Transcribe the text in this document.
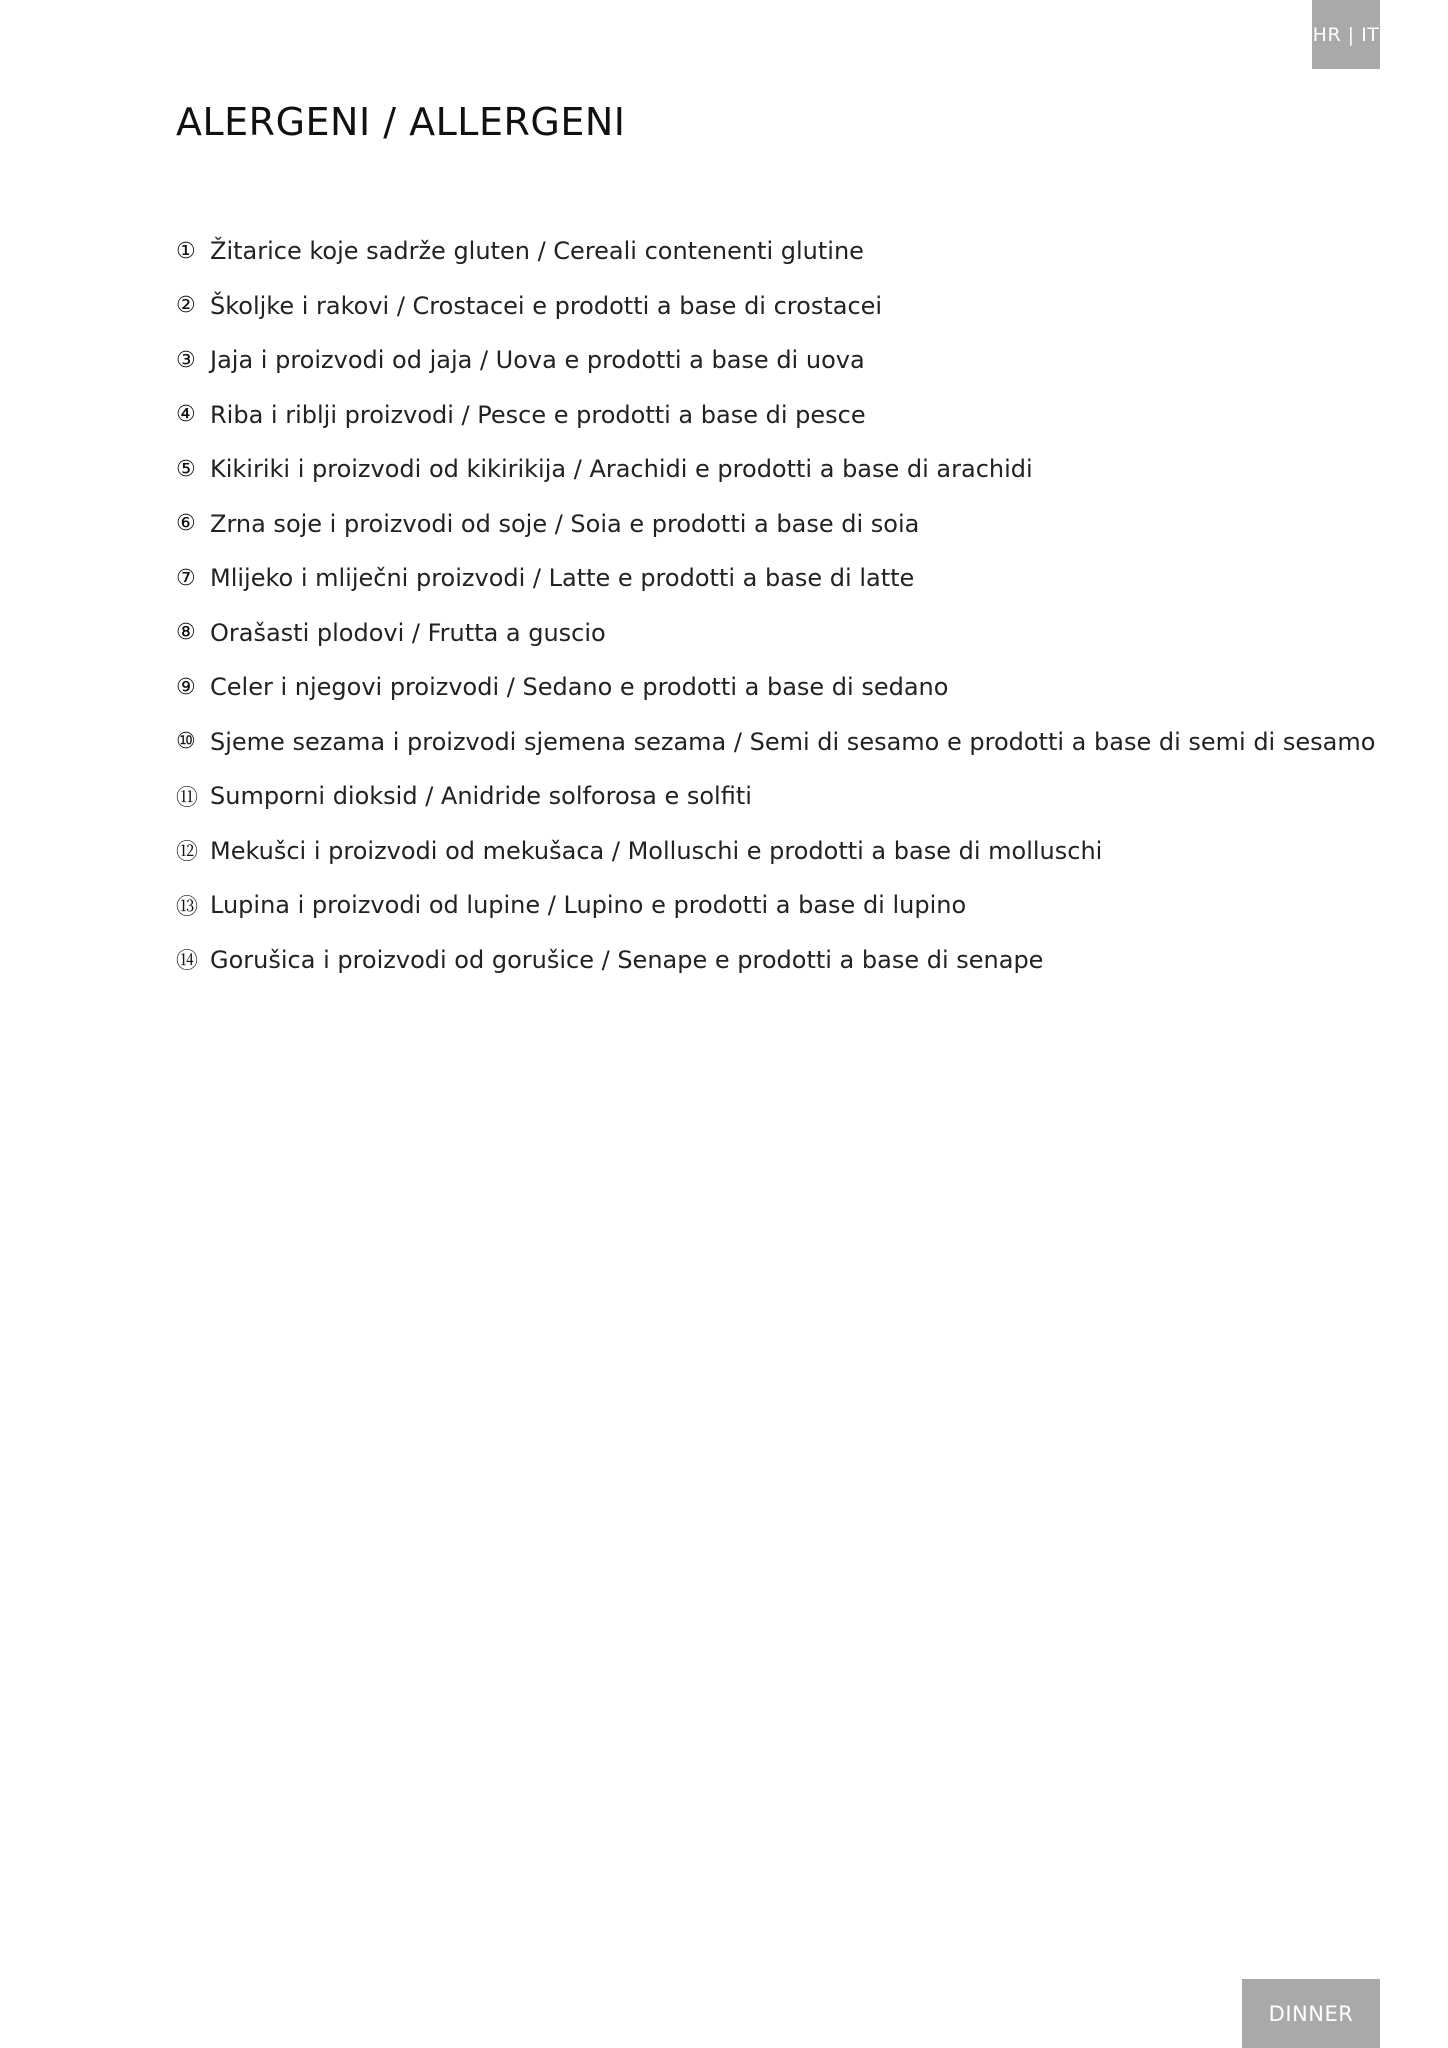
HR | IT
ALERGENI / ALLERGENI
① Žitarice koje sadrže gluten / Cereali contenenti glutine
② Školjke i rakovi / Crostacei e prodotti a base di crostacei
③ Jaja i proizvodi od jaja / Uova e prodotti a base di uova
④ Riba i riblji proizvodi / Pesce e prodotti a base di pesce
⑤ Kikiriki i proizvodi od kikirikija / Arachidi e prodotti a base di arachidi
⑥ Zrna soje i proizvodi od soje / Soia e prodotti a base di soia
⑦ Mlijeko i mliječni proizvodi / Latte e prodotti a base di latte
⑧ Orašasti plodovi / Frutta a guscio
⑨ Celer i njegovi proizvodi / Sedano e prodotti a base di sedano
⑩ Sjeme sezama i proizvodi sjemena sezama / Semi di sesamo e prodotti a base di semi di sesamo
⑪ Sumporni dioksid / Anidride solforosa e solfiti
⑫ Mekušci i proizvodi od mekušaca / Molluschi e prodotti a base di molluschi
⑬ Lupina i proizvodi od lupine / Lupino e prodotti a base di lupino
⑭ Gorušica i proizvodi od gorušice / Senape e prodotti a base di senape
DINNER
